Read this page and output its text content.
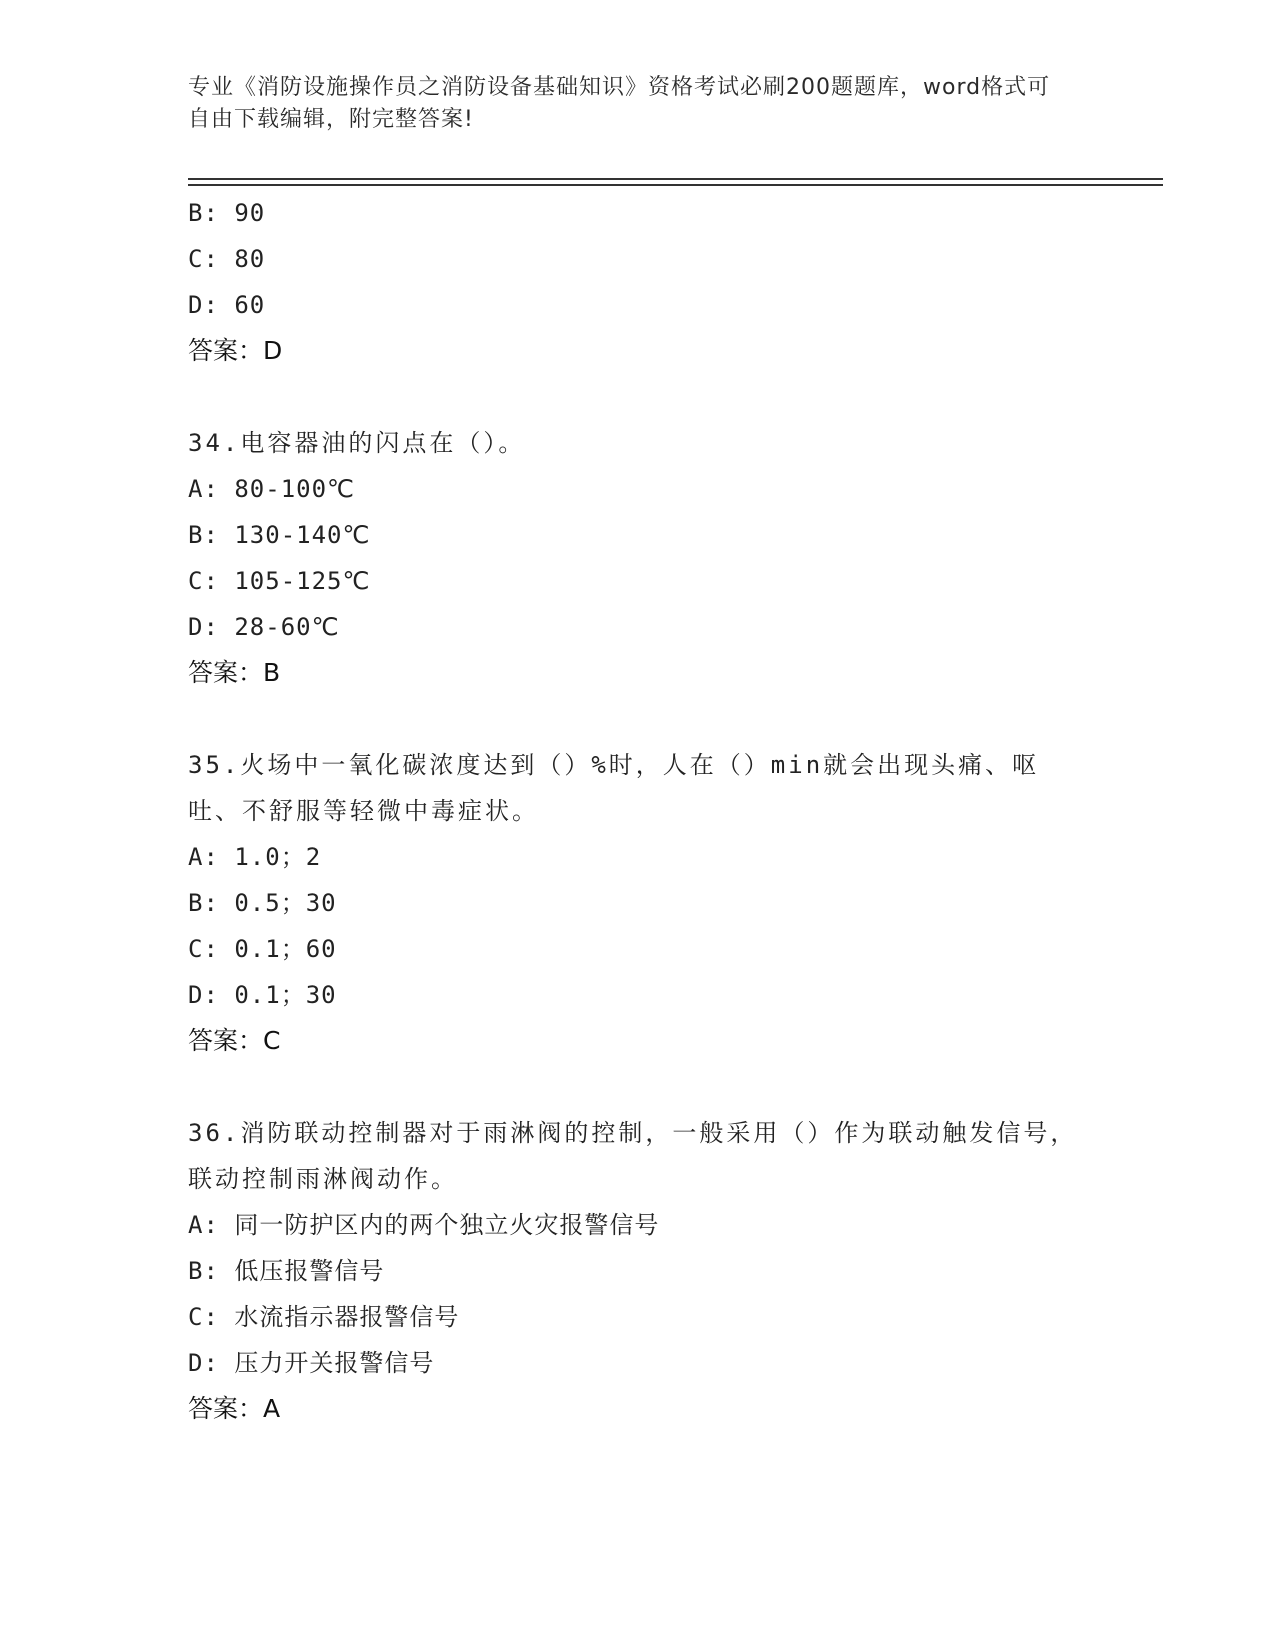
专业《消防设施操作员之消防设备基础知识》资格考试必刷200题题库，word格式可自由下载编辑，附完整答案!
B: 90
C: 80
D: 60
答案：D
34.电容器油的闪点在（）。
A: 80-100℃
B: 130-140℃
C: 105-125℃
D: 28-60℃
答案：B
35.火场中一氧化碳浓度达到（）%时，人在（）min就会出现头痛、呕吐、不舒服等轻微中毒症状。
A: 1.0；2
B: 0.5；30
C: 0.1；60
D: 0.1；30
答案：C
36.消防联动控制器对于雨淋阀的控制，一般采用（）作为联动触发信号，联动控制雨淋阀动作。
A: 同一防护区内的两个独立火灾报警信号
B: 低压报警信号
C: 水流指示器报警信号
D: 压力开关报警信号
答案：A
